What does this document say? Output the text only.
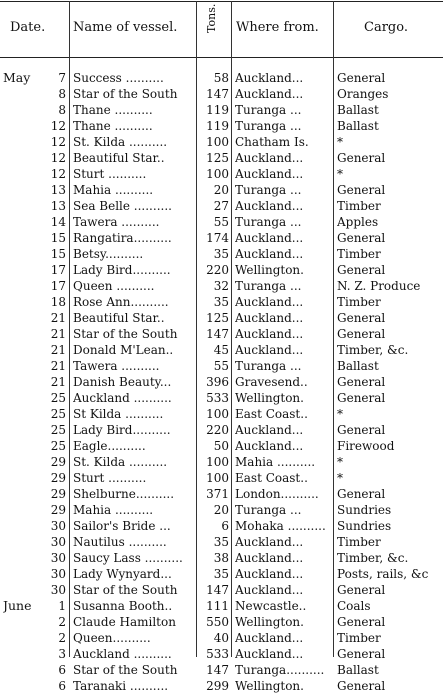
Date. Name of vessel.	Tons. Where from.	Cargo.
May	7 Success ..........	58 Auckland...	General
8 Star of the South	147 Auckland...	Oranges
8 Thane ..........	119 Turanga ...	Ballast
12 Thane ..........	119 Turanga ...	Ballast
12 St. Kilda ..........	100 Chatham Is.	*
12 Beautiful Star..	125 Auckland...	General
12 Sturt ..........	100 Auckland...	*
13 Mahia ..........	20 Turanga ...	General
13 Sea Belle ..........	27 Auckland...	Timber
14 Tawera ..........	55 Turanga ...	Apples
15 Rangatira..........	174 Auckland...	General
15 Betsy..........	35 Auckland...	Timber
17 Lady Bird..........	220 Wellington.	General
17 Queen ..........	32 Turanga ...	N. Z. Produce
18 Rose Ann..........	35 Auckland...	Timber
21 Beautiful Star..	125 Auckland...	General
21 Star of the South	147 Auckland...	General
21 Donald M'Lean..	45 Auckland...	Timber, &c.
21 Tawera ..........	55 Turanga ...	Ballast
21 Danish Beauty...	396 Gravesend..	General
25 Auckland ..........	533 Wellington.	General
25 St Kilda ..........	100 East Coast..	*
25 Lady Bird..........	220 Auckland...	General
25 Eagle..........	50 Auckland...	Firewood
29 St. Kilda ..........	100 Mahia ..........	*
29 Sturt ..........	100 East Coast..	*
29 Shelburne..........	371 London..........	General
29 Mahia ..........	20 Turanga ...	Sundries
30 Sailor's Bride ...	6 Mohaka .......... Sundries
30 Nautilus ..........	35 Auckland...	Timber
30 Saucy Lass ..........	38 Auckland...	Timber, &c.
30 Lady Wynyard...	35 Auckland...	Posts, rails, &c
30 Star of the South	147 Auckland...	General
June	1 Susanna Booth..	111 Newcastle..	Coals
2 Claude Hamilton	550 Wellington.	General
2 Queen..........	40 Auckland...	Timber
3 Auckland ..........	533 Auckland...	General
6 Star of the South	147 Turanga..........	Ballast
6 Taranaki ..........	299 Wellington.	General
